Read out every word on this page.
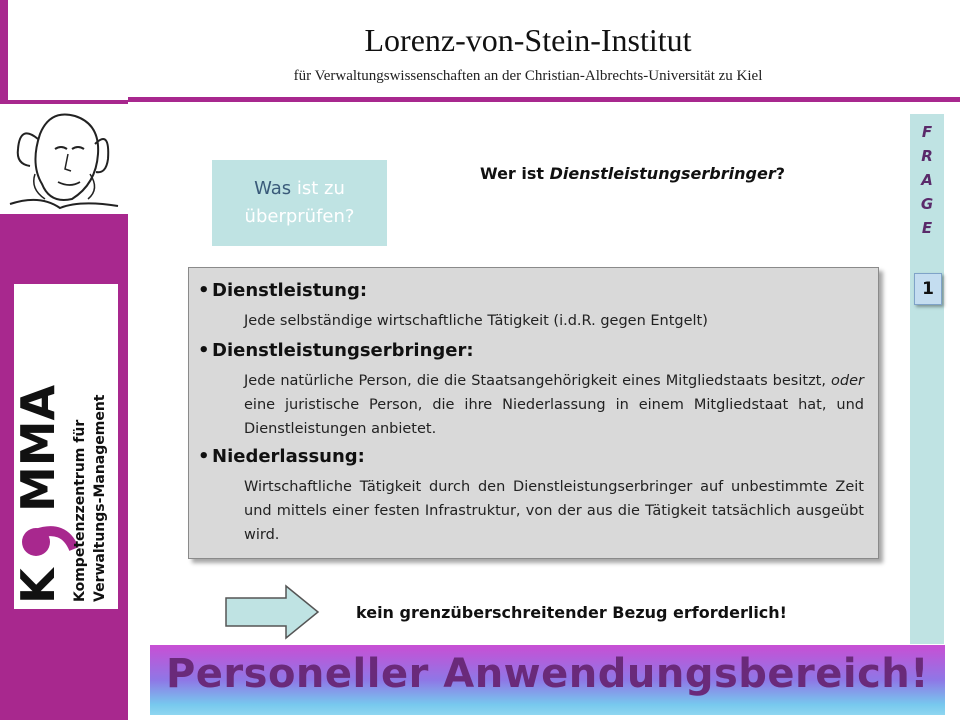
K
MMA Kompetenzzentrum für Verwaltungs-Management
Lorenz-von-Stein-Institut
für Verwaltungswissenschaften an der Christian-Albrechts-Universität zu Kiel
F
R
A
G
E
1
Was ist zu überprüfen?
Wer ist Dienstleistungserbringer?
• Dienstleistung:
Jede selbständige wirtschaftliche Tätigkeit (i.d.R. gegen Entgelt)
• Dienstleistungserbringer:
Jede natürliche Person, die die Staatsangehörigkeit eines Mitgliedstaats besitzt, oder eine juristische Person, die ihre Niederlassung in einem Mitgliedstaat hat, und Dienstleistungen anbietet.
• Niederlassung:
Wirtschaftliche Tätigkeit durch den Dienstleistungserbringer auf unbestimmte Zeit und mittels einer festen Infrastruktur, von der aus die Tätigkeit tatsächlich ausgeübt wird.
kein grenzüberschreitender Bezug erforderlich!
Personeller Anwendungsbereich!
